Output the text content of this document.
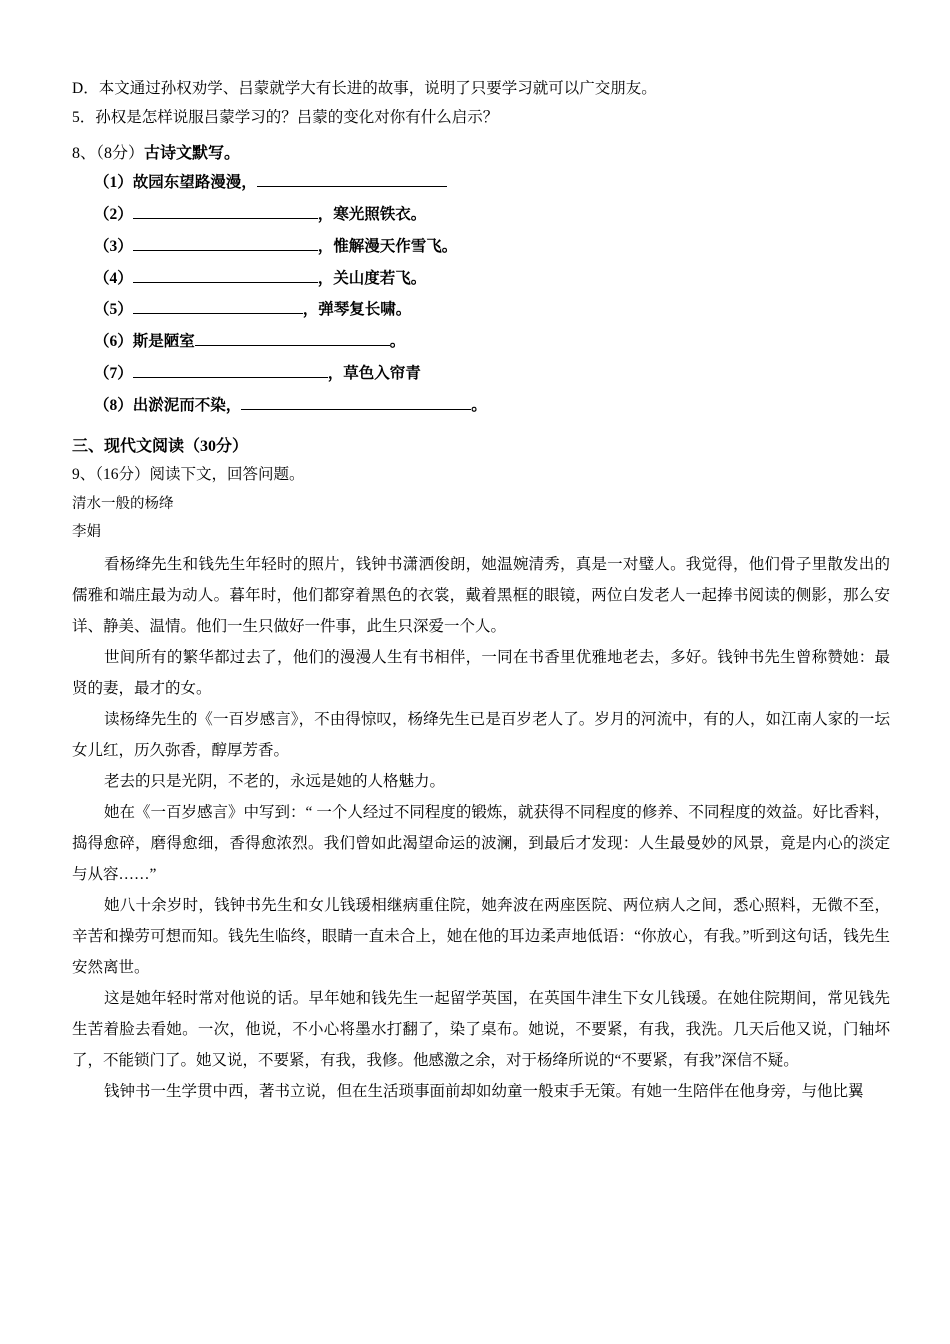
D．本文通过孙权劝学、吕蒙就学大有长进的故事，说明了只要学习就可以广交朋友。
5．孙权是怎样说服吕蒙学习的？吕蒙的变化对你有什么启示？
8、（8分）古诗文默写。
（1）故园东望路漫漫，
（2）	，寒光照铁衣。
（3）	，惟解漫天作雪飞。
（4）	，关山度若飞。
（5）	，弹琴复长啸。
（6）斯是陋室	。
（7）	，草色入帘青
（8）出淤泥而不染，	。
三、现代文阅读（30分）
9、（16分）阅读下文，回答问题。
清水一般的杨绛
李娟
看杨绛先生和钱先生年轻时的照片，钱钟书潇洒俊朗，她温婉清秀，真是一对璧人。我觉得，他们骨子里散发出的儒雅和端庄最为动人。暮年时，他们都穿着黑色的衣裳，戴着黑框的眼镜，两位白发老人一起捧书阅读的侧影，那么安详、静美、温情。他们一生只做好一件事，此生只深爱一个人。
世间所有的繁华都过去了，他们的漫漫人生有书相伴，一同在书香里优雅地老去，多好。钱钟书先生曾称赞她：最贤的妻，最才的女。
读杨绛先生的《一百岁感言》，不由得惊叹，杨绛先生已是百岁老人了。岁月的河流中，有的人，如江南人家的一坛女儿红，历久弥香，醇厚芳香。
老去的只是光阴，不老的，永远是她的人格魅力。
她在《一百岁感言》中写到：“ 一个人经过不同程度的锻炼，就获得不同程度的修养、不同程度的效益。好比香料，捣得愈碎，磨得愈细，香得愈浓烈。我们曾如此渴望命运的波澜，到最后才发现：人生最曼妙的风景，竟是内心的淡定与从容……”
她八十余岁时，钱钟书先生和女儿钱瑗相继病重住院，她奔波在两座医院、两位病人之间，悉心照料，无微不至，辛苦和操劳可想而知。钱先生临终，眼睛一直未合上，她在他的耳边柔声地低语：“你放心，有我。”听到这句话，钱先生安然离世。
这是她年轻时常对他说的话。早年她和钱先生一起留学英国，在英国牛津生下女儿钱瑗。在她住院期间，常见钱先生苦着脸去看她。一次，他说，不小心将墨水打翻了，染了桌布。她说，不要紧，有我，我洗。几天后他又说，门轴坏了，不能锁门了。她又说，不要紧，有我，我修。他感激之余，对于杨绛所说的“不要紧，有我”深信不疑。
钱钟书一生学贯中西，著书立说，但在生活琐事面前却如幼童一般束手无策。有她一生陪伴在他身旁，与他比翼
